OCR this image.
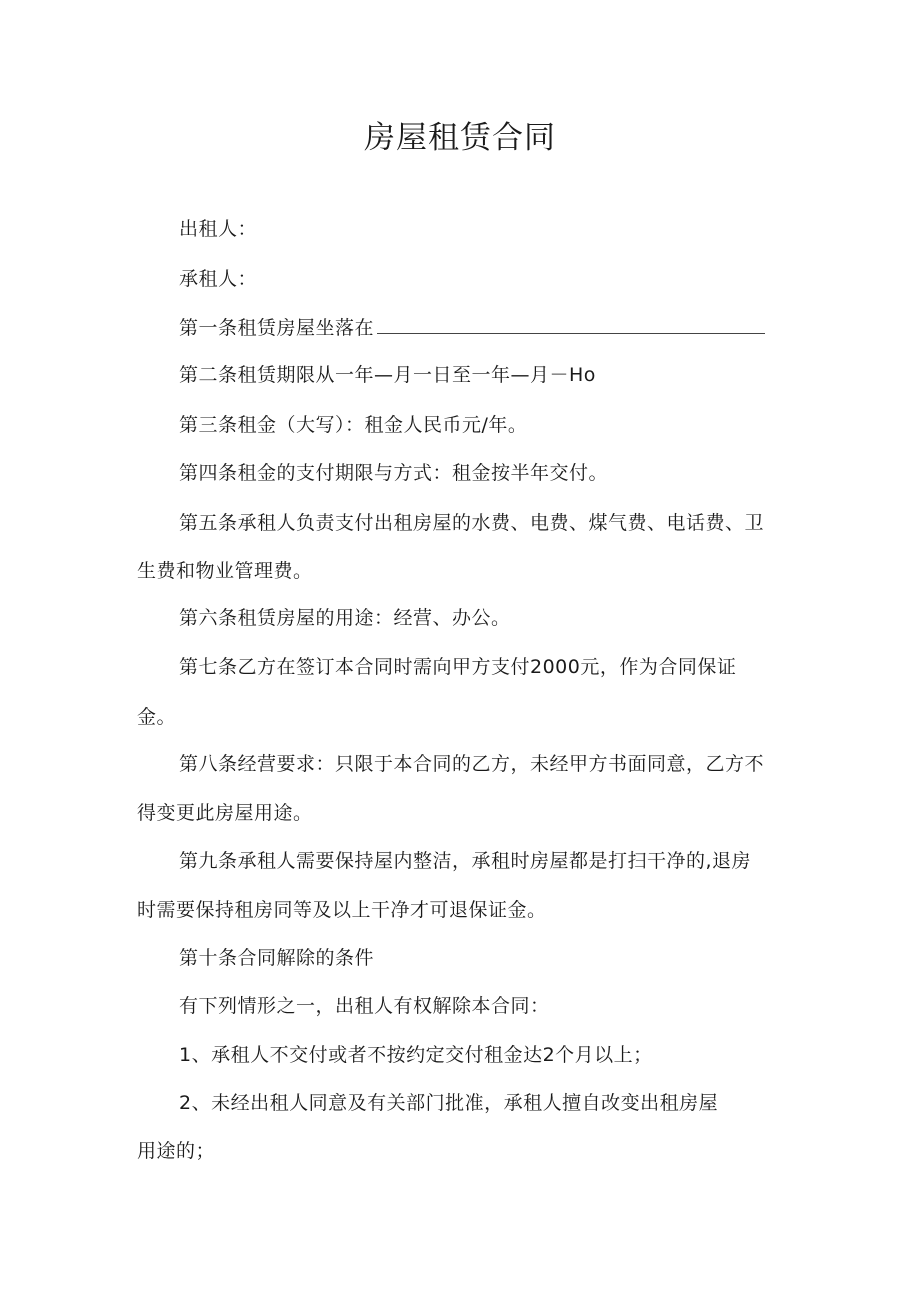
房屋租赁合同
出租人：
承租人：
第一条租赁房屋坐落在
第二条租赁期限从一年—月一日至一年—月－Ho
第三条租金（大写）：租金人民币元/年。
第四条租金的支付期限与方式：租金按半年交付。
第五条承租人负责支付出租房屋的水费、电费、煤气费、电话费、卫
生费和物业管理费。
第六条租赁房屋的用途：经营、办公。
第七条乙方在签订本合同时需向甲方支付2000元，作为合同保证
金。
第八条经营要求：只限于本合同的乙方，未经甲方书面同意，乙方不
得变更此房屋用途。
第九条承租人需要保持屋内整洁，承租时房屋都是打扫干净的,退房
时需要保持租房同等及以上干净才可退保证金。
第十条合同解除的条件
有下列情形之一，出租人有权解除本合同：
1、承租人不交付或者不按约定交付租金达2个月以上；
2、未经出租人同意及有关部门批准，承租人擅自改变出租房屋
用途的；
